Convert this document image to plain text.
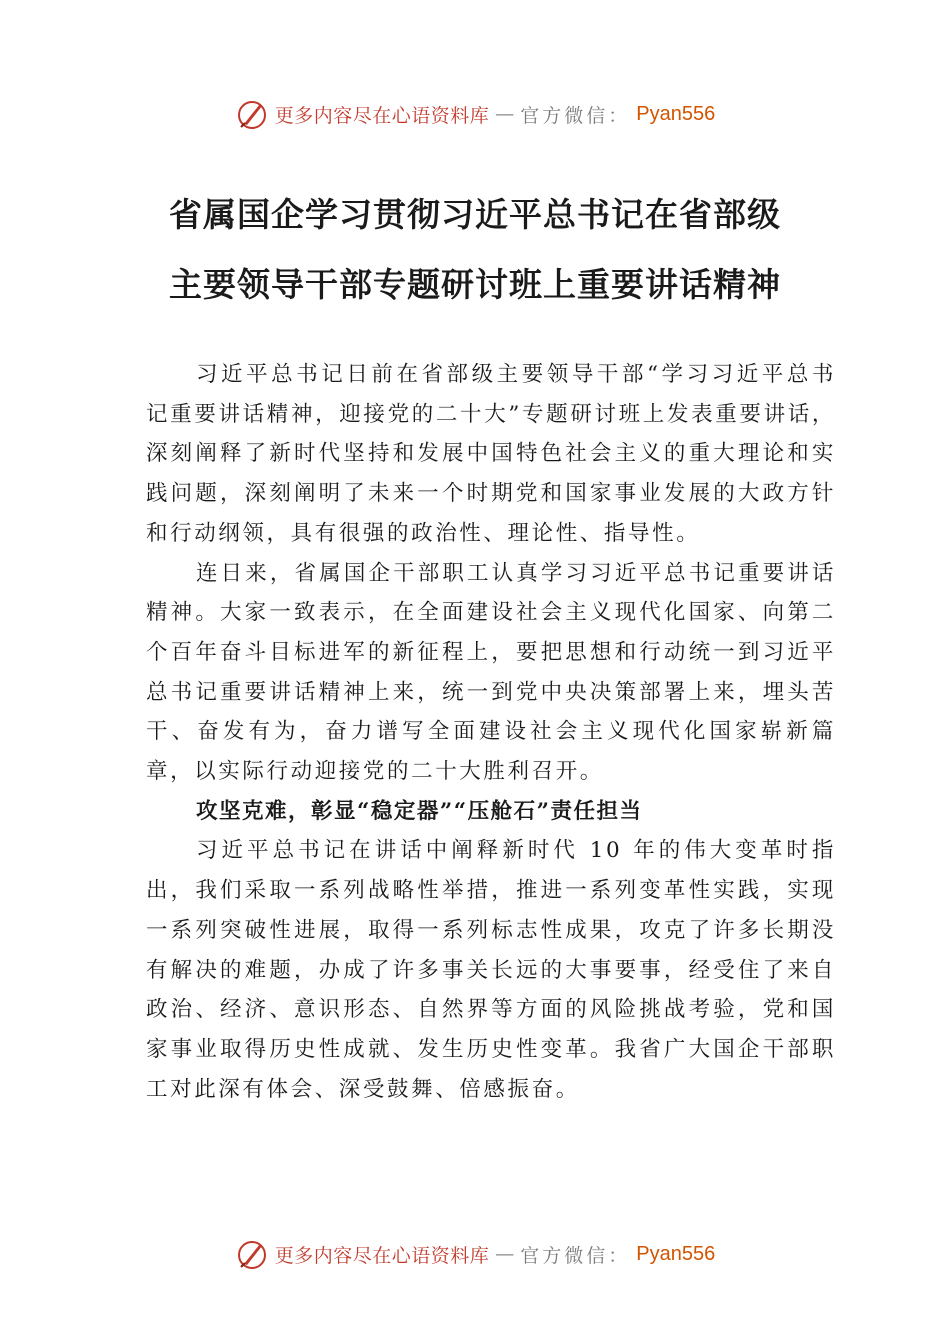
更多内容尽在心语资料库 — 官方微信： Pyan556
省属国企学习贯彻习近平总书记在省部级
主要领导干部专题研讨班上重要讲话精神

习近平总书记日前在省部级主要领导干部“学习习近平总书记重要讲话精神，迎接党的二十大”专题研讨班上发表重要讲话，深刻阐释了新时代坚持和发展中国特色社会主义的重大理论和实践问题，深刻阐明了未来一个时期党和国家事业发展的大政方针和行动纲领，具有很强的政治性、理论性、指导性。

连日来，省属国企干部职工认真学习习近平总书记重要讲话精神。大家一致表示，在全面建设社会主义现代化国家、向第二个百年奋斗目标进军的新征程上，要把思想和行动统一到习近平总书记重要讲话精神上来，统一到党中央决策部署上来，埋头苦干、奋发有为，奋力谱写全面建设社会主义现代化国家崭新篇章，以实际行动迎接党的二十大胜利召开。

攻坚克难，彰显“稳定器”“压舱石”责任担当

习近平总书记在讲话中阐释新时代 10 年的伟大变革时指出，我们采取一系列战略性举措，推进一系列变革性实践，实现一系列突破性进展，取得一系列标志性成果，攻克了许多长期没有解决的难题，办成了许多事关长远的大事要事，经受住了来自政治、经济、意识形态、自然界等方面的风险挑战考验，党和国家事业取得历史性成就、发生历史性变革。我省广大国企干部职工对此深有体会、深受鼓舞、倍感振奋。

更多内容尽在心语资料库 — 官方微信： Pyan556
